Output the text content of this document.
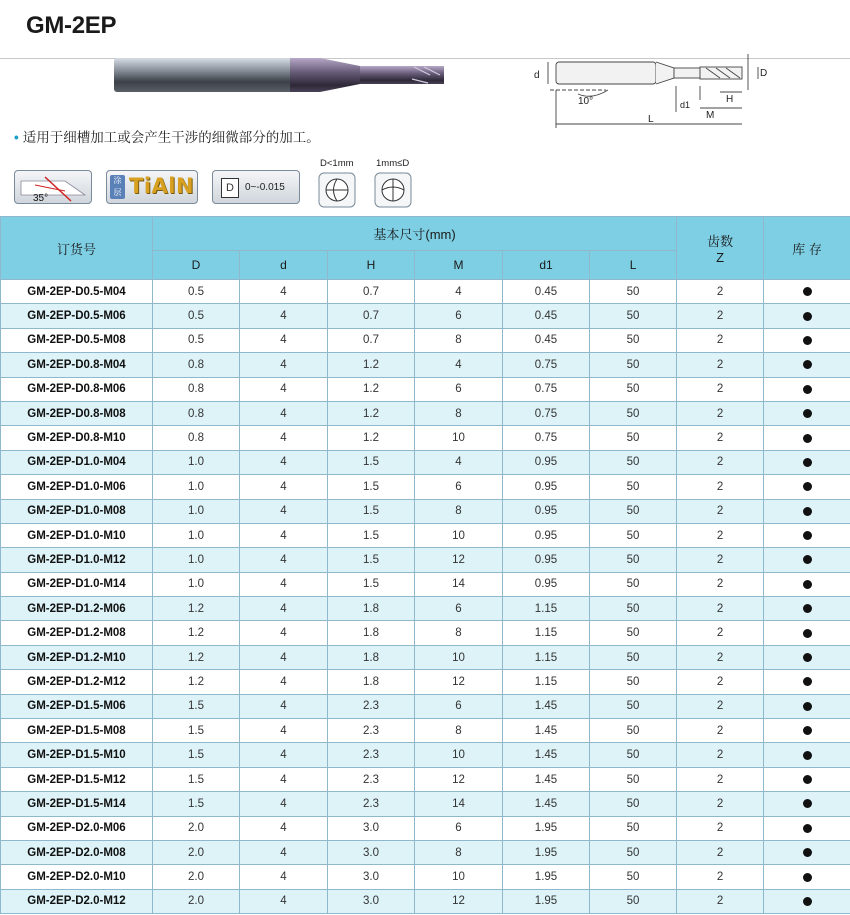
GM-2EP
d	D
10°	H
d1
M
L
• 适用于细槽加工或会产生干涉的细微部分的加工。
35°
涂层 TiAlN	D	0~-0.015
D<1mm 1mm≤D
订货号	基本尺寸(mm)						齿数
Z	库 存
	D	d	H	M	d1	L		
GM-2EP-D0.5-M04	0.5	4	0.7	4	0.45	50	2	
GM-2EP-D0.5-M06	0.5	4	0.7	6	0.45	50	2	
GM-2EP-D0.5-M08	0.5	4	0.7	8	0.45	50	2	
GM-2EP-D0.8-M04	0.8	4	1.2	4	0.75	50	2	
GM-2EP-D0.8-M06	0.8	4	1.2	6	0.75	50	2	
GM-2EP-D0.8-M08	0.8	4	1.2	8	0.75	50	2	
GM-2EP-D0.8-M10	0.8	4	1.2	10	0.75	50	2	
GM-2EP-D1.0-M04	1.0	4	1.5	4	0.95	50	2	
GM-2EP-D1.0-M06	1.0	4	1.5	6	0.95	50	2	
GM-2EP-D1.0-M08	1.0	4	1.5	8	0.95	50	2	
GM-2EP-D1.0-M10	1.0	4	1.5	10	0.95	50	2	
GM-2EP-D1.0-M12	1.0	4	1.5	12	0.95	50	2	
GM-2EP-D1.0-M14	1.0	4	1.5	14	0.95	50	2	
GM-2EP-D1.2-M06	1.2	4	1.8	6	1.15	50	2	
GM-2EP-D1.2-M08	1.2	4	1.8	8	1.15	50	2	
GM-2EP-D1.2-M10	1.2	4	1.8	10	1.15	50	2	
GM-2EP-D1.2-M12	1.2	4	1.8	12	1.15	50	2	
GM-2EP-D1.5-M06	1.5	4	2.3	6	1.45	50	2	
GM-2EP-D1.5-M08	1.5	4	2.3	8	1.45	50	2	
GM-2EP-D1.5-M10	1.5	4	2.3	10	1.45	50	2	
GM-2EP-D1.5-M12	1.5	4	2.3	12	1.45	50	2	
GM-2EP-D1.5-M14	1.5	4	2.3	14	1.45	50	2	
GM-2EP-D2.0-M06	2.0	4	3.0	6	1.95	50	2	
GM-2EP-D2.0-M08	2.0	4	3.0	8	1.95	50	2	
GM-2EP-D2.0-M10	2.0	4	3.0	10	1.95	50	2	
GM-2EP-D2.0-M12	2.0	4	3.0	12	1.95	50	2	
